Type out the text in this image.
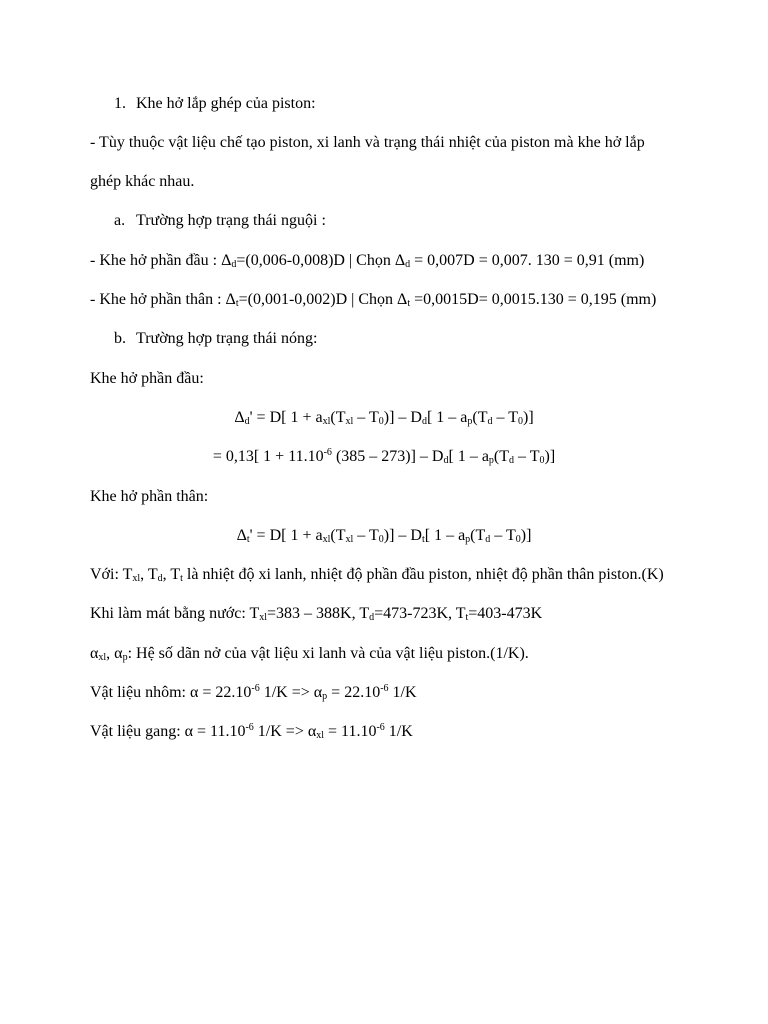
1. Khe hở lắp ghép của piston:
- Tùy thuộc vật liệu chế tạo piston, xi lanh và trạng thái nhiệt của piston mà khe hở lắp
ghép khác nhau.
a. Trường hợp trạng thái nguội :
- Khe hở phần đầu : $\Delta_d=(0,006-0,008)D$ | Chọn $\Delta_d = 0,007D = 0,007$. 130 = 0,91 (mm)
- Khe hở phần thân : $\Delta_t=(0,001-0,002)D$ | Chọn $\Delta_t =0,0015D= 0,0015.130 = 0,195$ (mm)
b. Trường hợp trạng thái nóng:
Khe hở phần đầu:
$\Delta_d' = D$[ $1 + a_{xl}(T_{xl} - T_0)] - D_d$[ $1 - a_p(T_d - T_0)$]
= 0,13[ $1 + 11.10^{-6}$ $(385 - 273)] - D_d$[ $1 - a_p(T_d - T_0)$]
Khe hở phần thân:
$\Delta_t' = D$[ $1 + a_{xl}(T_{xl} - T_0)] - D_t$[ $1 - a_p(T_d - T_0)$]
Với: $T_{xl}$, $T_d$, $T_t$ là nhiệt độ xi lanh, nhiệt độ phần đầu piston, nhiệt độ phần thân piston.(K)
Khi làm mát bằng nước: $T_{xl}=383 - 388K$, $T_d=473-723K$, $T_t=403-473K$
$\alpha_{xl}$, $\alpha_p$: Hệ số dãn nở của vật liệu xi lanh và của vật liệu piston.(1/K).
Vật liệu nhôm: $\alpha = 22.10^{-6}$ $1/K => \alpha_p = 22.10^{-6}$ 1/K
Vật liệu gang: $\alpha = 11.10^{-6}$ $1/K => \alpha_{xl} = 11.10^{-6}$ 1/K
